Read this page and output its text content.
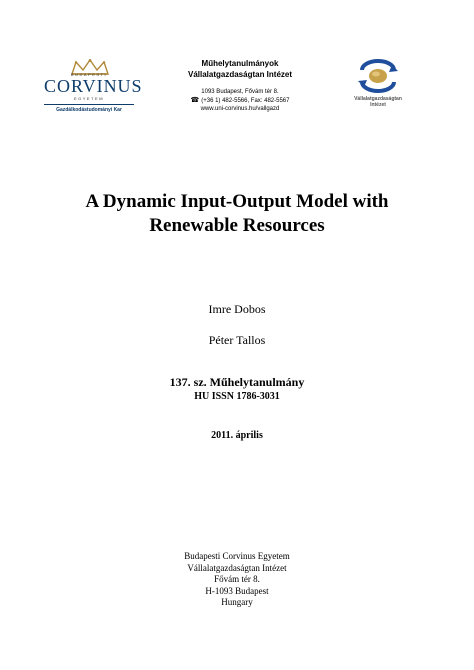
BUDAPESTI
CORVINUS
EGYETEM
Gazdálkodástudományi Kar
Műhelytanulmányok
Vállalatgazdaságtan Intézet
1093 Budapest, Fővám tér 8.
☎ (+36 1) 482-5566, Fax: 482-5567
www.uni-corvinus.hu/vallgazd
Vállalatgazdaságtan
Intézet
A Dynamic Input-Output Model with
Renewable Resources
Imre Dobos
Péter Tallos
137. sz. Műhelytanulmány
HU ISSN 1786-3031
2011. április
Budapesti Corvinus Egyetem
Vállalatgazdaságtan Intézet
Fővám tér 8.
H-1093 Budapest
Hungary
